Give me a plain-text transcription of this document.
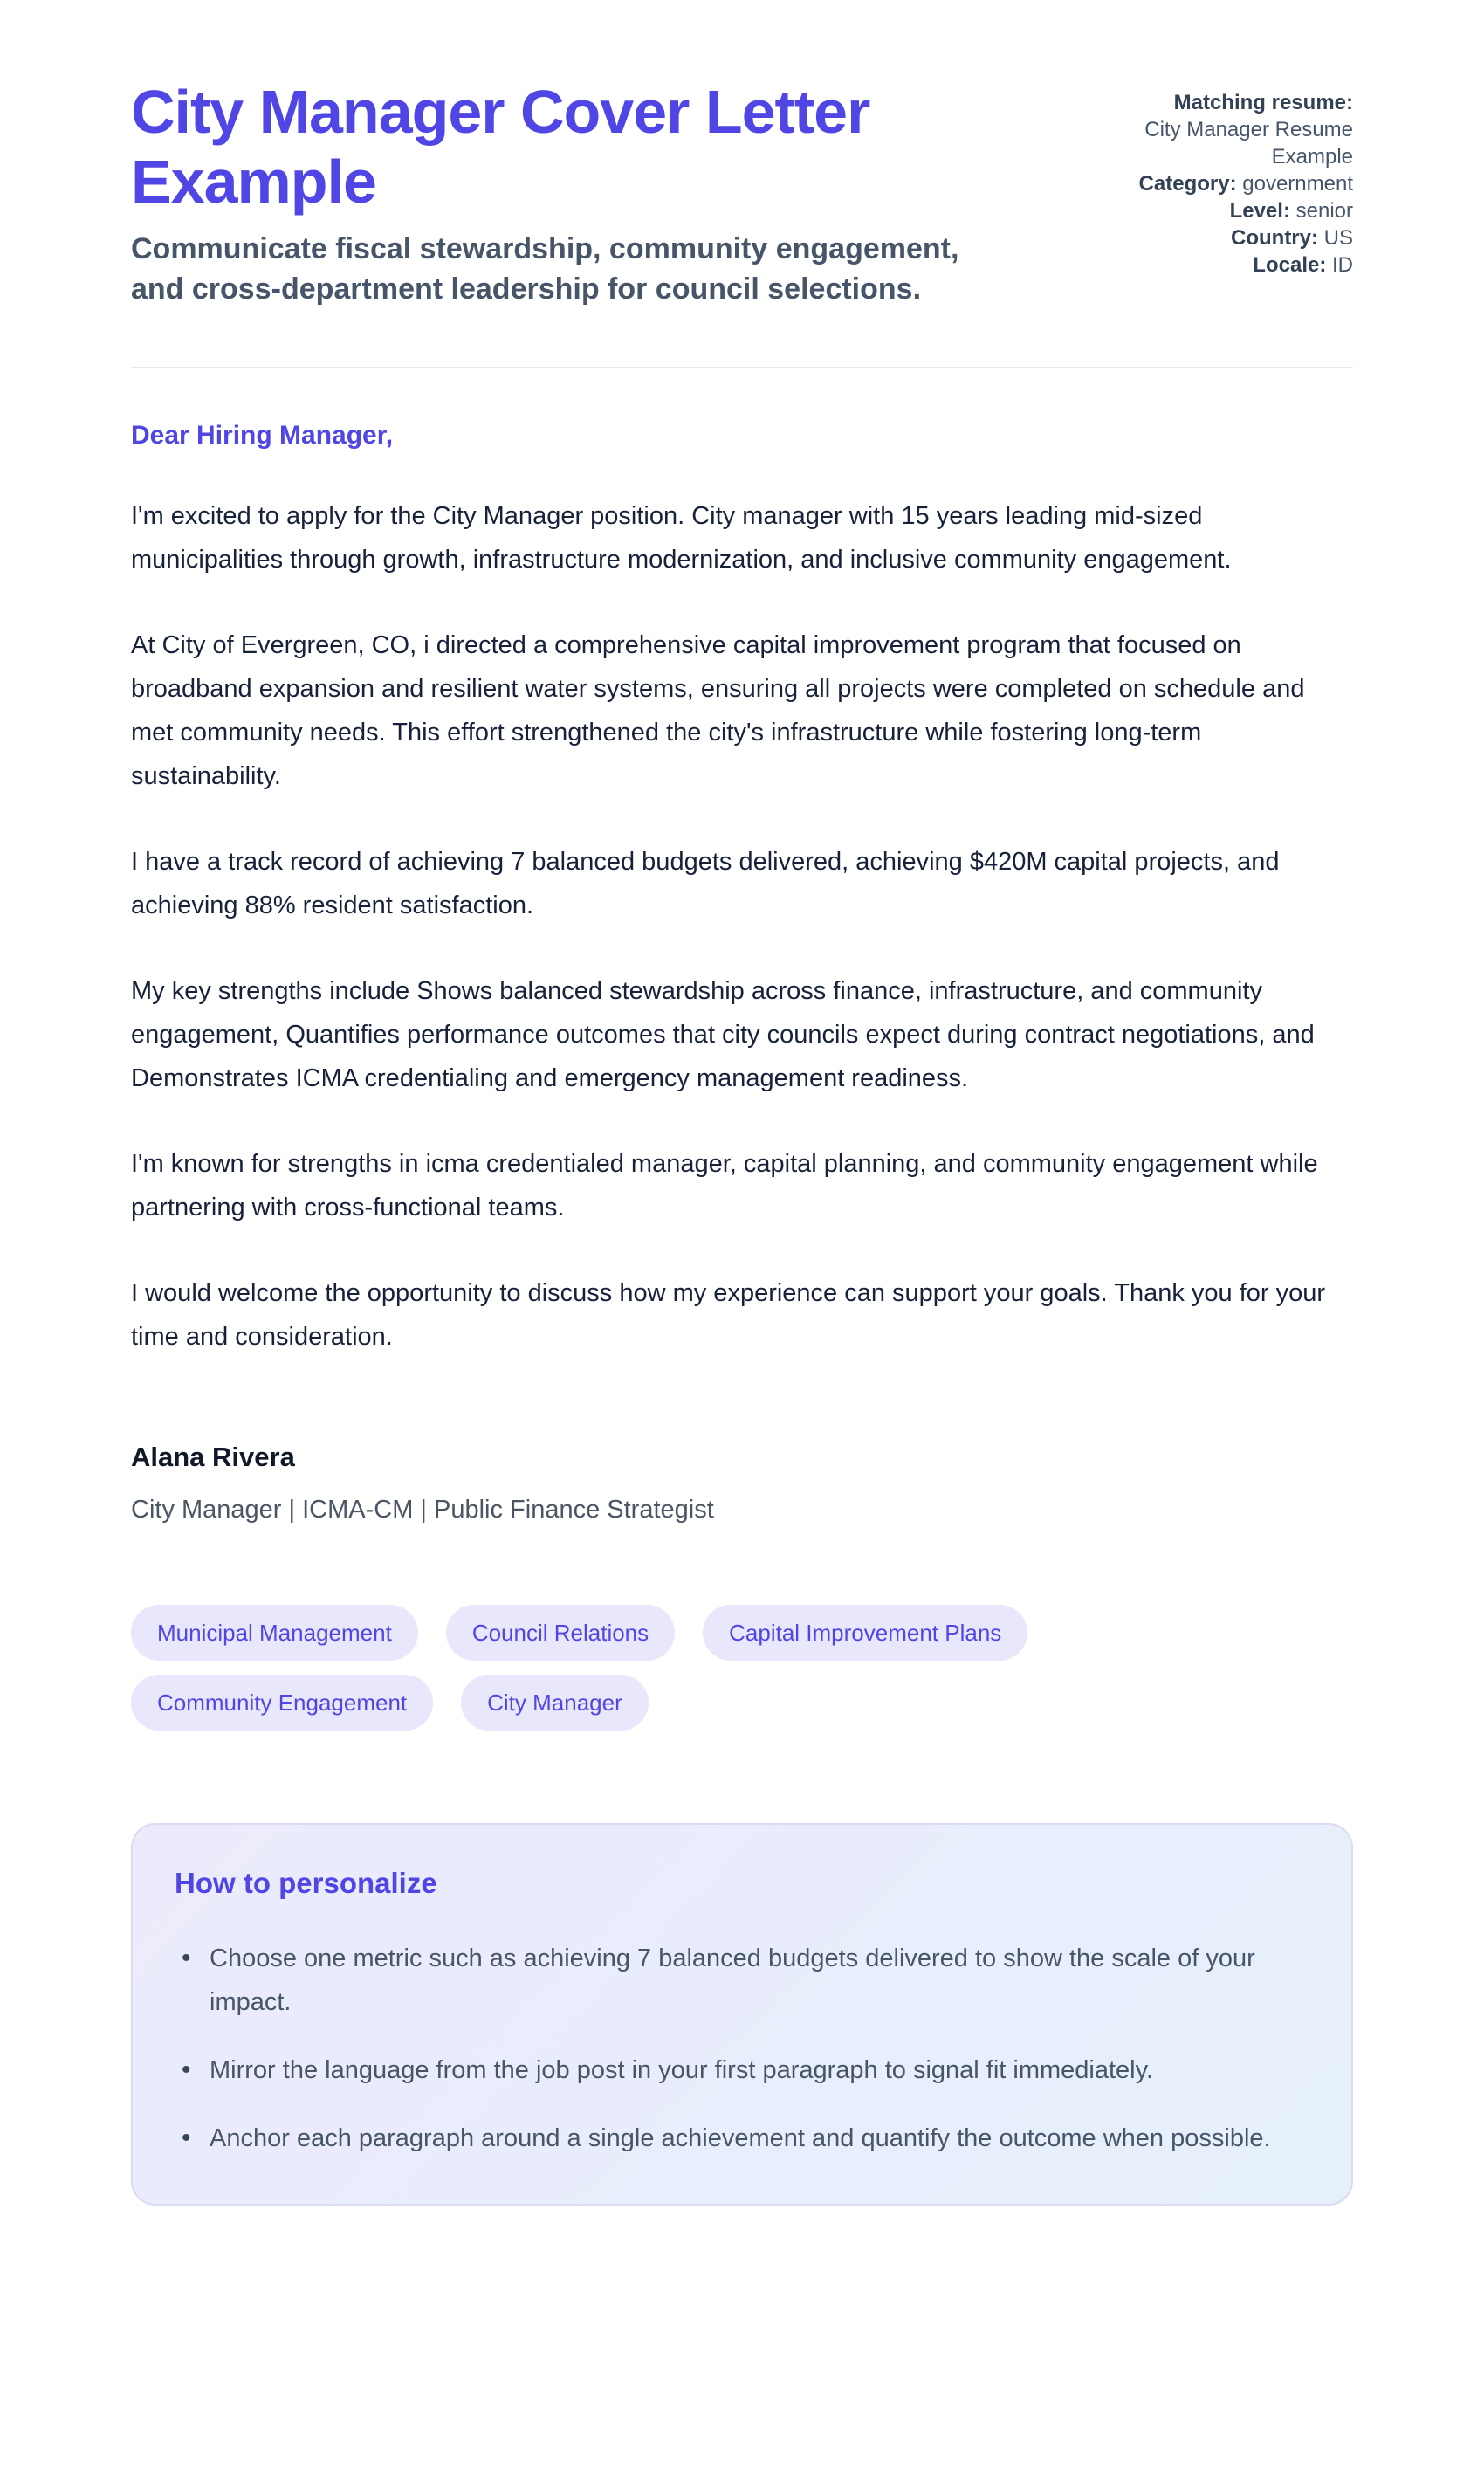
City Manager Cover Letter Example
Communicate fiscal stewardship, community engagement, and cross-department leadership for council selections.
Matching resume: City Manager Resume Example
Category: government
Level: senior
Country: US
Locale: ID
Dear Hiring Manager,

I'm excited to apply for the City Manager position. City manager with 15 years leading mid-sized municipalities through growth, infrastructure modernization, and inclusive community engagement.

At City of Evergreen, CO, i directed a comprehensive capital improvement program that focused on broadband expansion and resilient water systems, ensuring all projects were completed on schedule and met community needs. This effort strengthened the city's infrastructure while fostering long-term sustainability.

I have a track record of achieving 7 balanced budgets delivered, achieving $420M capital projects, and achieving 88% resident satisfaction.

My key strengths include Shows balanced stewardship across finance, infrastructure, and community engagement, Quantifies performance outcomes that city councils expect during contract negotiations, and Demonstrates ICMA credentialing and emergency management readiness.

I'm known for strengths in icma credentialed manager, capital planning, and community engagement while partnering with cross-functional teams.

I would welcome the opportunity to discuss how my experience can support your goals. Thank you for your time and consideration.

Alana Rivera
City Manager | ICMA-CM | Public Finance Strategist
Municipal Management	Council Relations	Capital Improvement Plans
Community Engagement	City Manager
How to personalize
• Choose one metric such as achieving 7 balanced budgets delivered to show the scale of your impact.
• Mirror the language from the job post in your first paragraph to signal fit immediately.
• Anchor each paragraph around a single achievement and quantify the outcome when possible.
